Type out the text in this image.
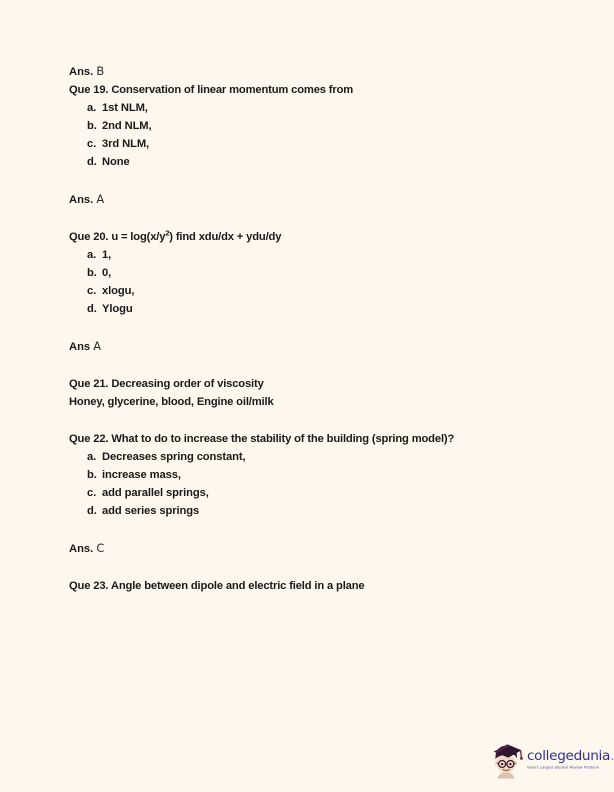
Ans. B
Que 19. Conservation of linear momentum comes from
a. 1st NLM,
b. 2nd NLM,
c. 3rd NLM,
d. None
Ans. A
Que 20. $u = \log(x/y^2)$ find xdu/dx + ydu/dy
a. 1,
b. 0,
c. xlogu,
d. Ylogu
Ans A
Que 21. Decreasing order of viscosity
Honey, glycerine, blood, Engine oil/milk
Que 22. What to do to increase the stability of the building (spring model)?
a. Decreases spring constant,
b. increase mass,
c. add parallel springs,
d. add series springs
Ans. C
Que 23. Angle between dipole and electric field in a plane
collegedunia.
India's Largest Student Review Platform
